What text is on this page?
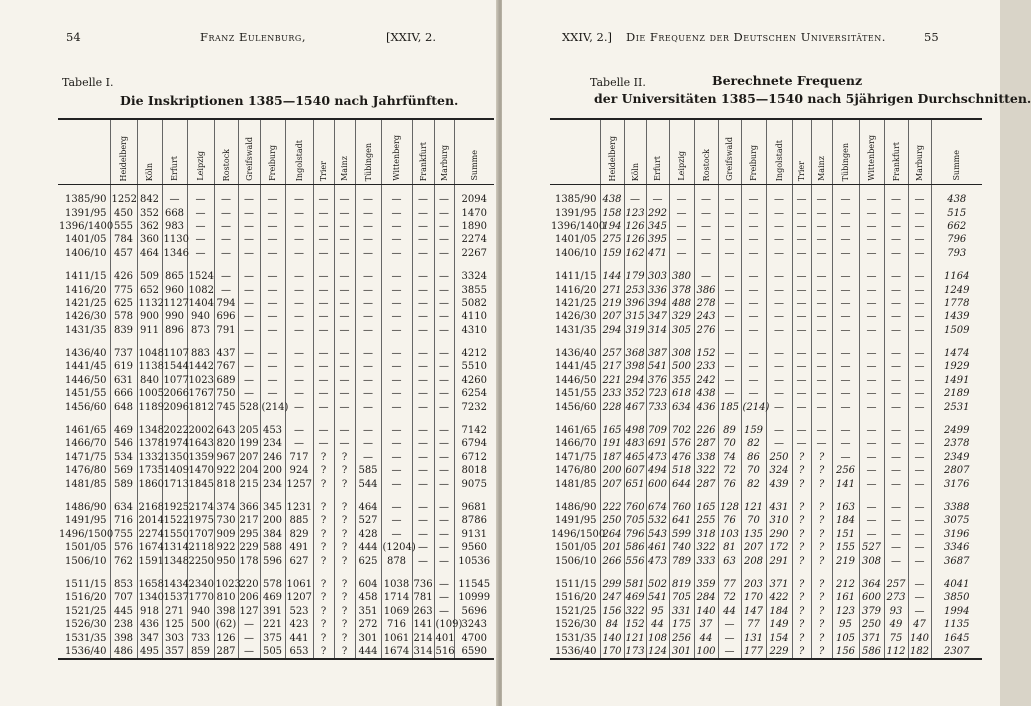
54	Franz Eulenburg,	[XXIV, 2.
Tabelle I.
Die Inskriptionen 1385—1540 nach Jahrfünften.
	Heidelberg	Köln	Erfurt	Leipzig	Rostock	Greifswald	Freiburg	Ingolstadt	Trier	Mainz	Tübingen	Wittenberg	Frankfurt	Marburg	Summe
1385/90	1252	842	—	—	—	—	—	—	—	—	—	—	—	—	2094
1391/95	450	352	668	—	—	—	—	—	—	—	—	—	—	—	1470
1396/1400	555	362	983	—	—	—	—	—	—	—	—	—	—	—	1890
1401/05	784	360	1130	—	—	—	—	—	—	—	—	—	—	—	2274
1406/10	457	464	1346	—	—	—	—	—	—	—	—	—	—	—	2267

1411/15	426	509	865	1524	—	—	—	—	—	—	—	—	—	—	3324
1416/20	775	652	960	1082	—	—	—	—	—	—	—	—	—	—	3855
1421/25	625	1132	1127	1404	794	—	—	—	—	—	—	—	—	—	5082
1426/30	578	900	990	940	696	—	—	—	—	—	—	—	—	—	4110
1431/35	839	911	896	873	791	—	—	—	—	—	—	—	—	—	4310

1436/40	737	1048	1107	883	437	—	—	—	—	—	—	—	—	—	4212
1441/45	619	1138	1544	1442	767	—	—	—	—	—	—	—	—	—	5510
1446/50	631	840	1077	1023	689	—	—	—	—	—	—	—	—	—	4260
1451/55	666	1005	2066	1767	750	—	—	—	—	—	—	—	—	—	6254
1456/60	648	1189	2096	1812	745	528	(214)	—	—	—	—	—	—	—	7232

1461/65	469	1348	2022	2002	643	205	453	—	—	—	—	—	—	—	7142
1466/70	546	1378	1974	1643	820	199	234	—	—	—	—	—	—	—	6794
1471/75	534	1332	1350	1359	967	207	246	717	?	?	—	—	—	—	6712
1476/80	569	1735	1409	1470	922	204	200	924	?	?	585	—	—	—	8018
1481/85	589	1860	1713	1845	818	215	234	1257	?	?	544	—	—	—	9075

1486/90	634	2168	1925	2174	374	366	345	1231	?	?	464	—	—	—	9681
1491/95	716	2014	1522	1975	730	217	200	885	?	?	527	—	—	—	8786
1496/1500	755	2274	1550	1707	909	295	384	829	?	?	428	—	—	—	9131
1501/05	576	1674	1314	2118	922	229	588	491	?	?	444	(1204)	—	—	9560
1506/10	762	1591	1348	2250	950	178	596	627	?	?	625	878	—	—	10536

1511/15	853	1658	1434	2340	1023	220	578	1061	?	?	604	1038	736	—	11545
1516/20	707	1340	1537	1770	810	206	469	1207	?	?	458	1714	781	—	10999
1521/25	445	918	271	940	398	127	391	523	?	?	351	1069	263	—	5696
1526/30	238	436	125	500	(62)	—	221	423	?	?	272	716	141	(109)	3243
1531/35	398	347	303	733	126	—	375	441	?	?	301	1061	214	401	4700
1536/40	486	495	357	859	287	—	505	653	?	?	444	1674	314	516	6590
XXIV, 2.] Die Frequenz der Deutschen Universitäten.	55
Tabelle II.	Berechnete Frequenz
der Universitäten 1385—1540 nach 5jährigen Durchschnitten.
	Heidelberg	Köln	Erfurt	Leipzig	Rostock	Greifswald	Freiburg	Ingolstadt	Trier	Mainz	Tübingen	Wittenberg	Frankfurt	Marburg	Summe
1385/90	438	—	—	—	—	—	—	—	—	—	—	—	—	—	438
1391/95	158	123	292	—	—	—	—	—	—	—	—	—	—	—	515
1396/1400	194	126	345	—	—	—	—	—	—	—	—	—	—	—	662
1401/05	275	126	395	—	—	—	—	—	—	—	—	—	—	—	796
1406/10	159	162	471	—	—	—	—	—	—	—	—	—	—	—	793

1411/15	144	179	303	380	—	—	—	—	—	—	—	—	—	—	1164
1416/20	271	253	336	378	386	—	—	—	—	—	—	—	—	—	1249
1421/25	219	396	394	488	278	—	—	—	—	—	—	—	—	—	1778
1426/30	207	315	347	329	243	—	—	—	—	—	—	—	—	—	1439
1431/35	294	319	314	305	276	—	—	—	—	—	—	—	—	—	1509

1436/40	257	368	387	308	152	—	—	—	—	—	—	—	—	—	1474
1441/45	217	398	541	500	233	—	—	—	—	—	—	—	—	—	1929
1446/50	221	294	376	355	242	—	—	—	—	—	—	—	—	—	1491
1451/55	233	352	723	618	438	—	—	—	—	—	—	—	—	—	2189
1456/60	228	467	733	634	436	185	(214)	—	—	—	—	—	—	—	2531

1461/65	165	498	709	702	226	89	159	—	—	—	—	—	—	—	2499
1466/70	191	483	691	576	287	70	82	—	—	—	—	—	—	—	2378
1471/75	187	465	473	476	338	74	86	250	?	?	—	—	—	—	2349
1476/80	200	607	494	518	322	72	70	324	?	?	256	—	—	—	2807
1481/85	207	651	600	644	287	76	82	439	?	?	141	—	—	—	3176

1486/90	222	760	674	760	165	128	121	431	?	?	163	—	—	—	3388
1491/95	250	705	532	641	255	76	70	310	?	?	184	—	—	—	3075
1496/1500	264	796	543	599	318	103	135	290	?	?	151	—	—	—	3196
1501/05	201	586	461	740	322	81	207	172	?	?	155	527	—	—	3346
1506/10	266	556	473	789	333	63	208	291	?	?	219	308	—	—	3687

1511/15	299	581	502	819	359	77	203	371	?	?	212	364	257	—	4041
1516/20	247	469	541	705	284	72	170	422	?	?	161	600	273	—	3850
1521/25	156	322	95	331	140	44	147	184	?	?	123	379	93	—	1994
1526/30	84	152	44	175	37	—	77	149	?	?	95	250	49	47	1135
1531/35	140	121	108	256	44	—	131	154	?	?	105	371	75	140	1645
1536/40	170	173	124	301	100	—	177	229	?	?	156	586	112	182	2307
